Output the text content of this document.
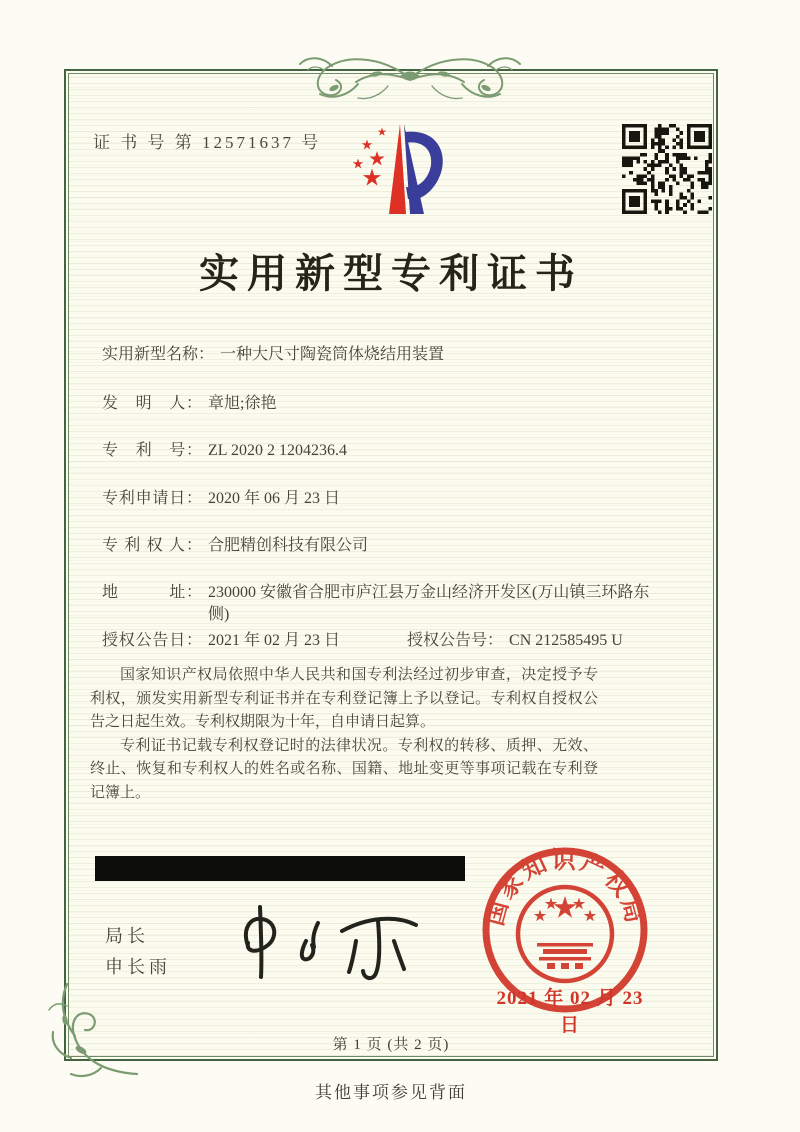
证 书 号 第 12571637 号
实用新型专利证书
实用新型名称： 一种大尺寸陶瓷筒体烧结用装置
发　明　人： 章旭;徐艳
专　利　号： ZL 2020 2 1204236.4
专利申请日： 2020 年 06 月 23 日
专 利 权 人： 合肥精创科技有限公司
地　　　址： 230000 安徽省合肥市庐江县万金山经济开发区(万山镇三环路东侧)
授权公告日： 2021 年 02 月 23 日	授权公告号： CN 212585495 U

国家知识产权局依照中华人民共和国专利法经过初步审查，决定授予专利权，颁发实用新型专利证书并在专利登记簿上予以登记。专利权自授权公告之日起生效。专利权期限为十年，自申请日起算。

专利证书记载专利权登记时的法律状况。专利权的转移、质押、无效、终止、恢复和专利权人的姓名或名称、国籍、地址变更等事项记载在专利登记簿上。

局长
申长雨
国家知识产权局
2021 年 02 月 23 日
第 1 页 (共 2 页)
其他事项参见背面
